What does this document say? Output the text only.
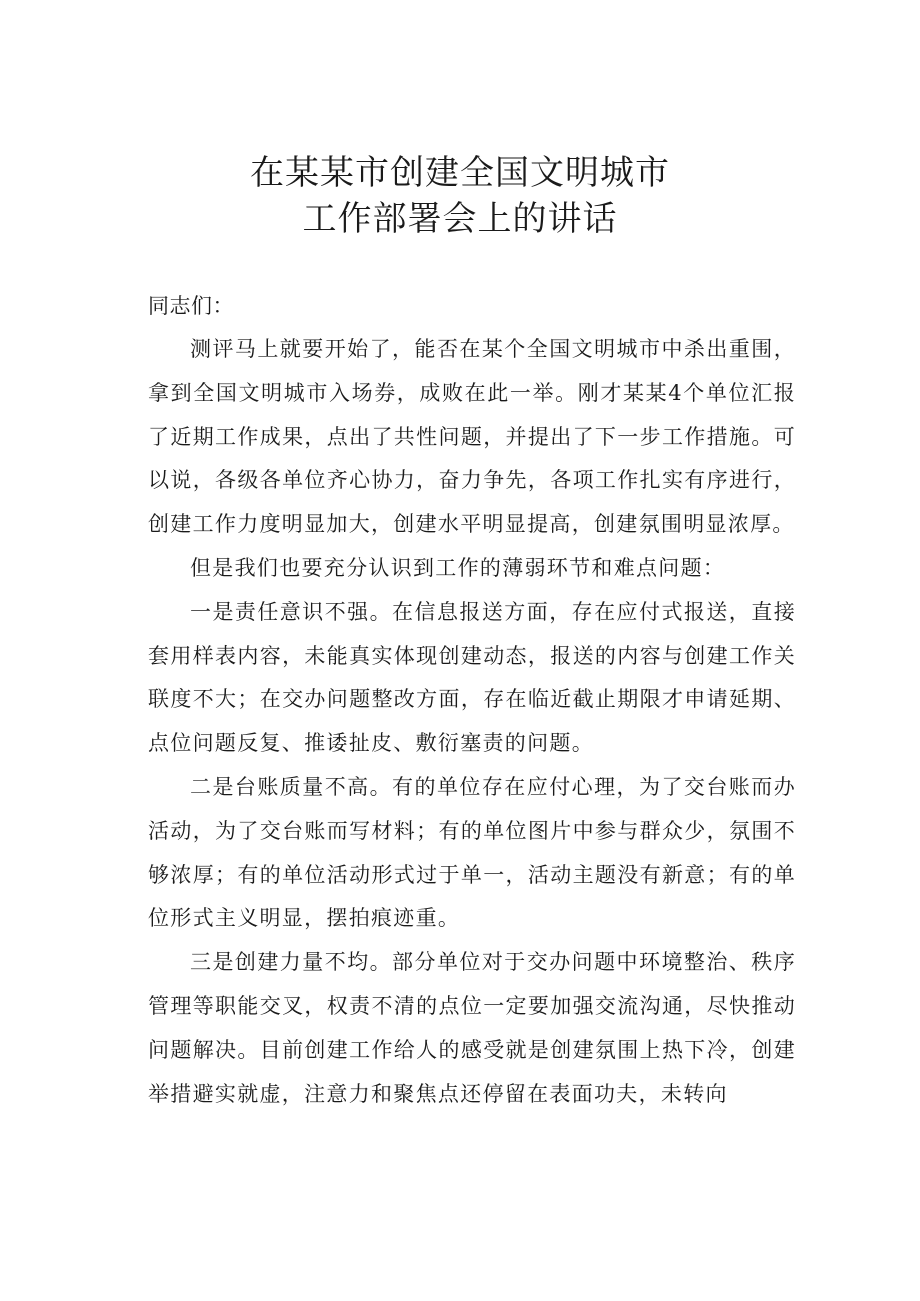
在某某市创建全国文明城市
工作部署会上的讲话

同志们：

测评马上就要开始了，能否在某个全国文明城市中杀出重围，拿到全国文明城市入场券，成败在此一举。刚才某某4个单位汇报了近期工作成果，点出了共性问题，并提出了下一步工作措施。可以说，各级各单位齐心协力，奋力争先，各项工作扎实有序进行，创建工作力度明显加大，创建水平明显提高，创建氛围明显浓厚。

但是我们也要充分认识到工作的薄弱环节和难点问题：

一是责任意识不强。在信息报送方面，存在应付式报送，直接套用样表内容，未能真实体现创建动态，报送的内容与创建工作关联度不大；在交办问题整改方面，存在临近截止期限才申请延期、点位问题反复、推诿扯皮、敷衍塞责的问题。

二是台账质量不高。有的单位存在应付心理，为了交台账而办活动，为了交台账而写材料；有的单位图片中参与群众少，氛围不够浓厚；有的单位活动形式过于单一，活动主题没有新意；有的单位形式主义明显，摆拍痕迹重。

三是创建力量不均。部分单位对于交办问题中环境整治、秩序管理等职能交叉，权责不清的点位一定要加强交流沟通，尽快推动问题解决。目前创建工作给人的感受就是创建氛围上热下冷，创建举措避实就虚，注意力和聚焦点还停留在表面功夫，未转向
